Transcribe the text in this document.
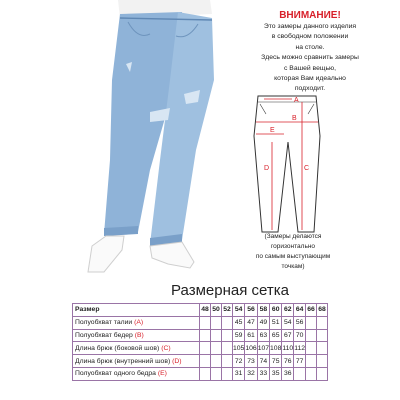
ВНИМАНИЕ!
Это замеры данного изделия
в свободном положении
на столе.
Здесь можно сравнить замеры
с Вашей вещью,
которая Вам идеально
подходит.
A
B
C
D
E
(Замеры делаются
горизонтально
по самым выступающим
точкам)
Размерная сетка
Размер	48	50	52	54	56	58	60	62	64	66	68
Полуобхват талии (A)				45	47	49	51	54	56		
Полуобхват бедер (B)				59	61	63	65	67	70		
Длина брюк (боковой шов) (C)				105	106	107	108	110	112		
Длина брюк (внутренний шов) (D)				72	73	74	75	76	77		
Полуобхват одного бедра (E)				31	32	33	35	36			
